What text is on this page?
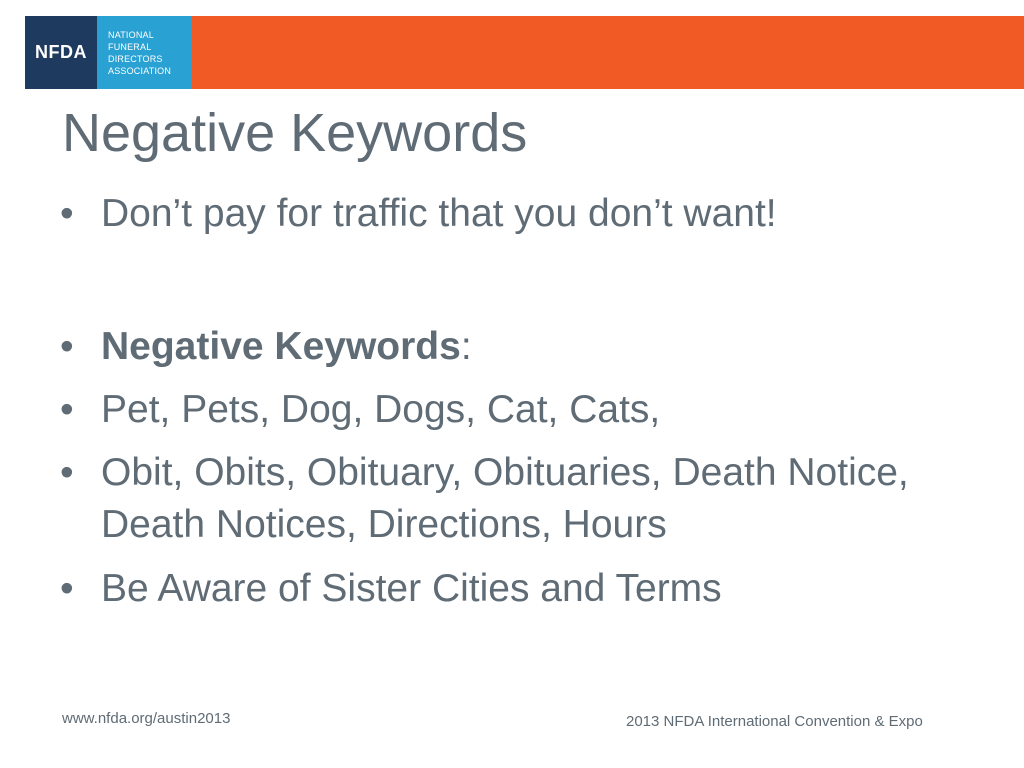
NFDA
NATIONAL
FUNERAL
DIRECTORS
ASSOCIATION
Negative Keywords
• Don’t pay for traffic that you don’t want!
• Negative Keywords:
• Pet, Pets, Dog, Dogs, Cat, Cats,
• Obit, Obits, Obituary, Obituaries, Death Notice, Death Notices, Directions, Hours
• Be Aware of Sister Cities and Terms
www.nfda.org/austin2013	2013 NFDA International Convention & Expo
